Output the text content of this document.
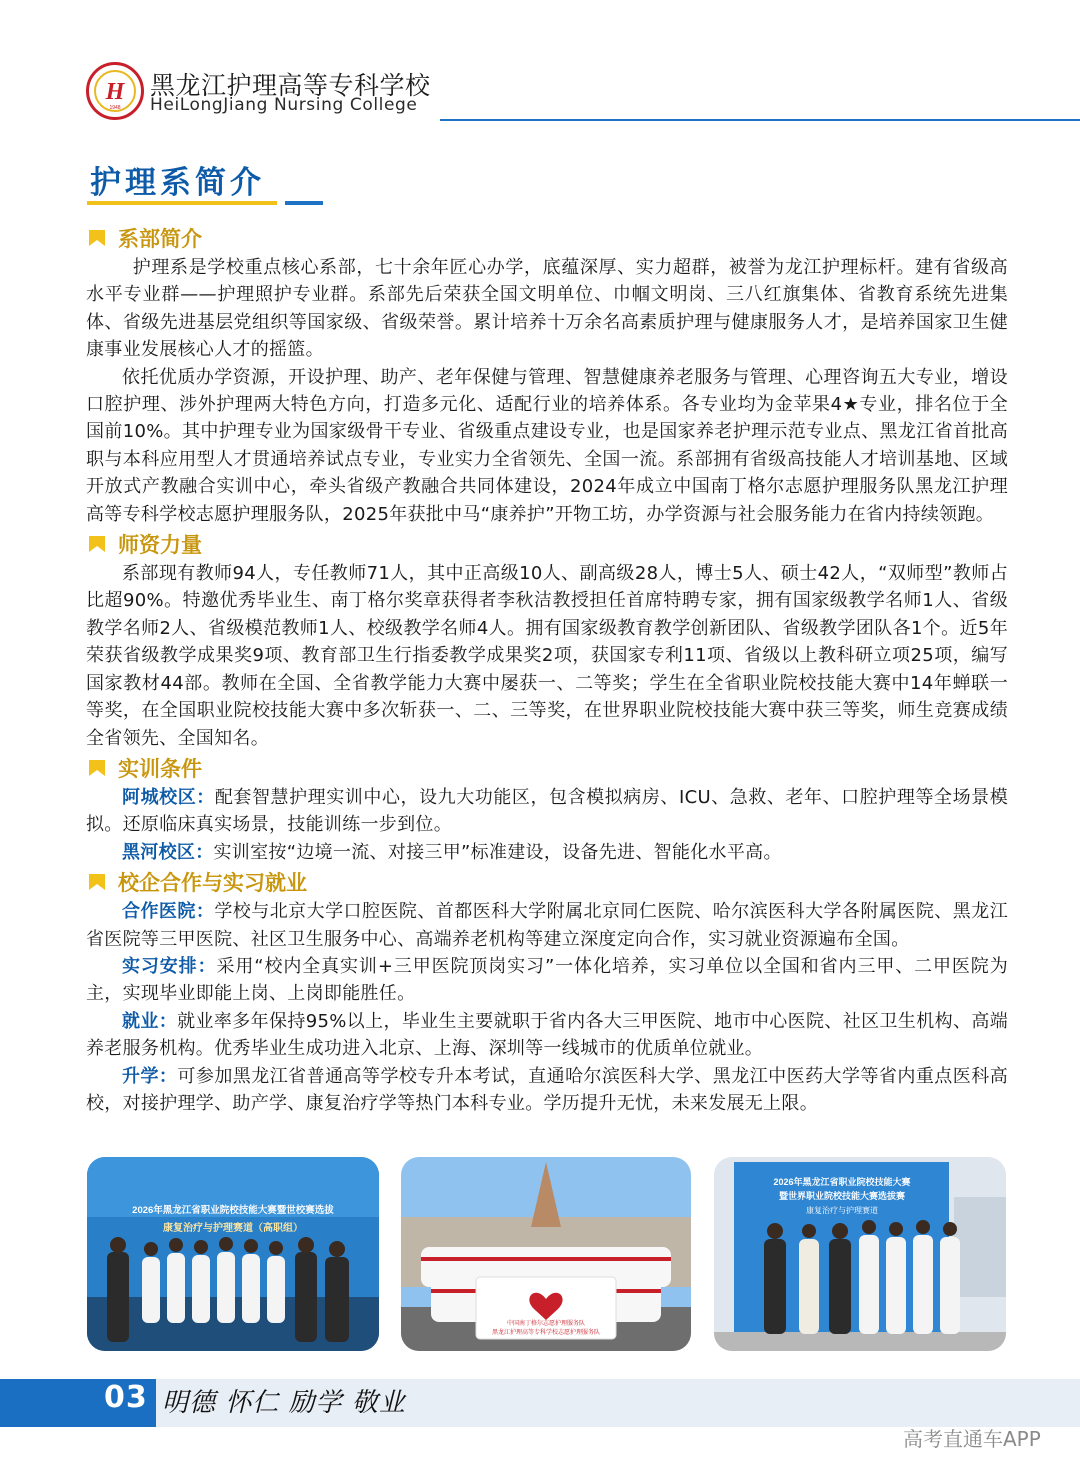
H
1948
黑龙江护理高等专科学校
HeiLongJiang Nursing College
护理系简介
系部简介

护理系是学校重点核心系部，七十余年匠心办学，底蕴深厚、实力超群，被誉为龙江护理标杆。建有省级高水平专业群——护理照护专业群。系部先后荣获全国文明单位、巾帼文明岗、三八红旗集体、省教育系统先进集体、省级先进基层党组织等国家级、省级荣誉。累计培养十万余名高素质护理与健康服务人才，是培养国家卫生健康事业发展核心人才的摇篮。

依托优质办学资源，开设护理、助产、老年保健与管理、智慧健康养老服务与管理、心理咨询五大专业，增设口腔护理、涉外护理两大特色方向，打造多元化、适配行业的培养体系。各专业均为金苹果4★专业，排名位于全国前10%。其中护理专业为国家级骨干专业、省级重点建设专业，也是国家养老护理示范专业点、黑龙江省首批高职与本科应用型人才贯通培养试点专业，专业实力全省领先、全国一流。系部拥有省级高技能人才培训基地、区域开放式产教融合实训中心，牵头省级产教融合共同体建设，2024年成立中国南丁格尔志愿护理服务队黑龙江护理高等专科学校志愿护理服务队，2025年获批中马“康养护”开物工坊，办学资源与社会服务能力在省内持续领跑。

师资力量

系部现有教师94人，专任教师71人，其中正高级10人、副高级28人，博士5人、硕士42人，“双师型”教师占比超90%。特邀优秀毕业生、南丁格尔奖章获得者李秋洁教授担任首席特聘专家，拥有国家级教学名师1人、省级教学名师2人、省级模范教师1人、校级教学名师4人。拥有国家级教育教学创新团队、省级教学团队各1个。近5年荣获省级教学成果奖9项、教育部卫生行指委教学成果奖2项，获国家专利11项、省级以上教科研立项25项，编写国家教材44部。教师在全国、全省教学能力大赛中屡获一、二等奖；学生在全省职业院校技能大赛中14年蝉联一等奖，在全国职业院校技能大赛中多次斩获一、二、三等奖，在世界职业院校技能大赛中获三等奖，师生竞赛成绩全省领先、全国知名。

实训条件

阿城校区：配套智慧护理实训中心，设九大功能区，包含模拟病房、ICU、急救、老年、口腔护理等全场景模拟。还原临床真实场景，技能训练一步到位。

黑河校区：实训室按“边境一流、对接三甲”标准建设，设备先进、智能化水平高。

校企合作与实习就业

合作医院：学校与北京大学口腔医院、首都医科大学附属北京同仁医院、哈尔滨医科大学各附属医院、黑龙江省医院等三甲医院、社区卫生服务中心、高端养老机构等建立深度定向合作，实习就业资源遍布全国。

实习安排：采用“校内全真实训+三甲医院顶岗实习”一体化培养，实习单位以全国和省内三甲、二甲医院为主，实现毕业即能上岗、上岗即能胜任。

就业：就业率多年保持95%以上，毕业生主要就职于省内各大三甲医院、地市中心医院、社区卫生机构、高端养老服务机构。优秀毕业生成功进入北京、上海、深圳等一线城市的优质单位就业。

升学：可参加黑龙江省普通高等学校专升本考试，直通哈尔滨医科大学、黑龙江中医药大学等省内重点医科高校，对接护理学、助产学、康复治疗学等热门本科专业。学历提升无忧，未来发展无上限。

2026年黑龙江省职业院校技能大赛暨世校赛选拔
康复治疗与护理赛道（高职组）
中国南丁格尔志愿护理服务队
黑龙江护理高等专科学校志愿护理服务队
2026年黑龙江省职业院校技能大赛
暨世界职业院校技能大赛选拔赛
康复治疗与护理赛道
03 明德 怀仁 励学 敬业
高考直通车APP
